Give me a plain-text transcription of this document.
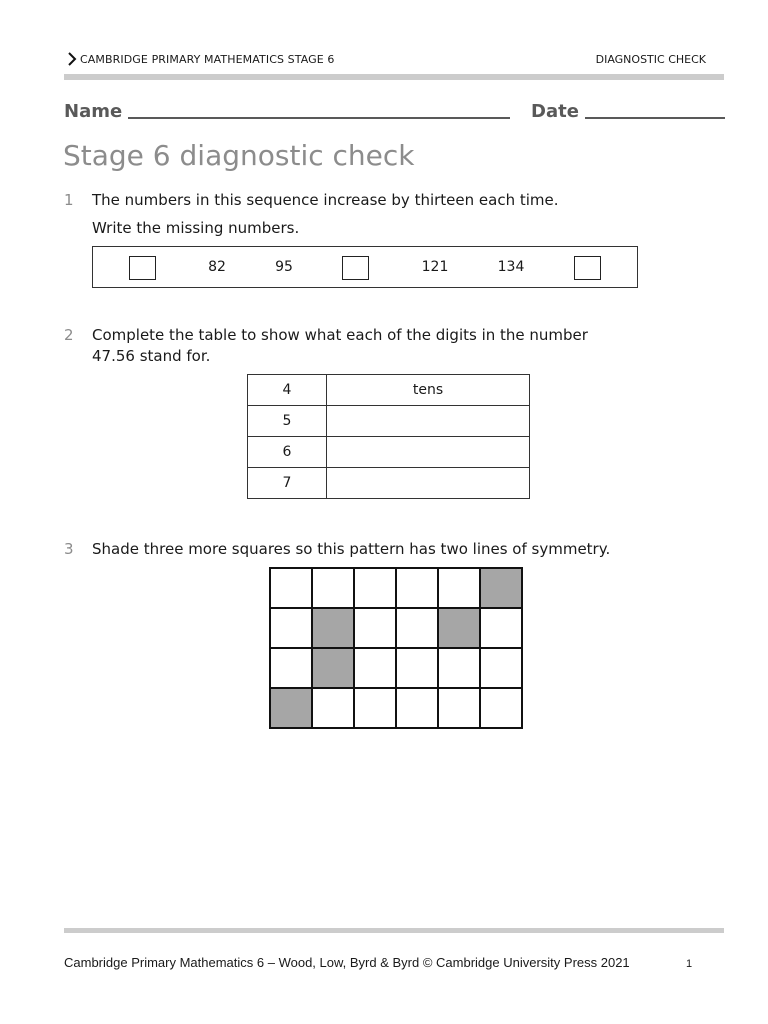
CAMBRIDGE PRIMARY MATHEMATICS STAGE 6	DIAGNOSTIC CHECK
Name	Date
Stage 6 diagnostic check
1 The numbers in this sequence increase by thirteen each time.
Write the missing numbers.
82	95	121	134
2 Complete the table to show what each of the digits in the number
47.56 stand for.
4	tens
5	
6	
7	
3 Shade three more squares so this pattern has two lines of symmetry.

Cambridge Primary Mathematics 6 – Wood, Low, Byrd & Byrd © Cambridge University Press 2021	1
